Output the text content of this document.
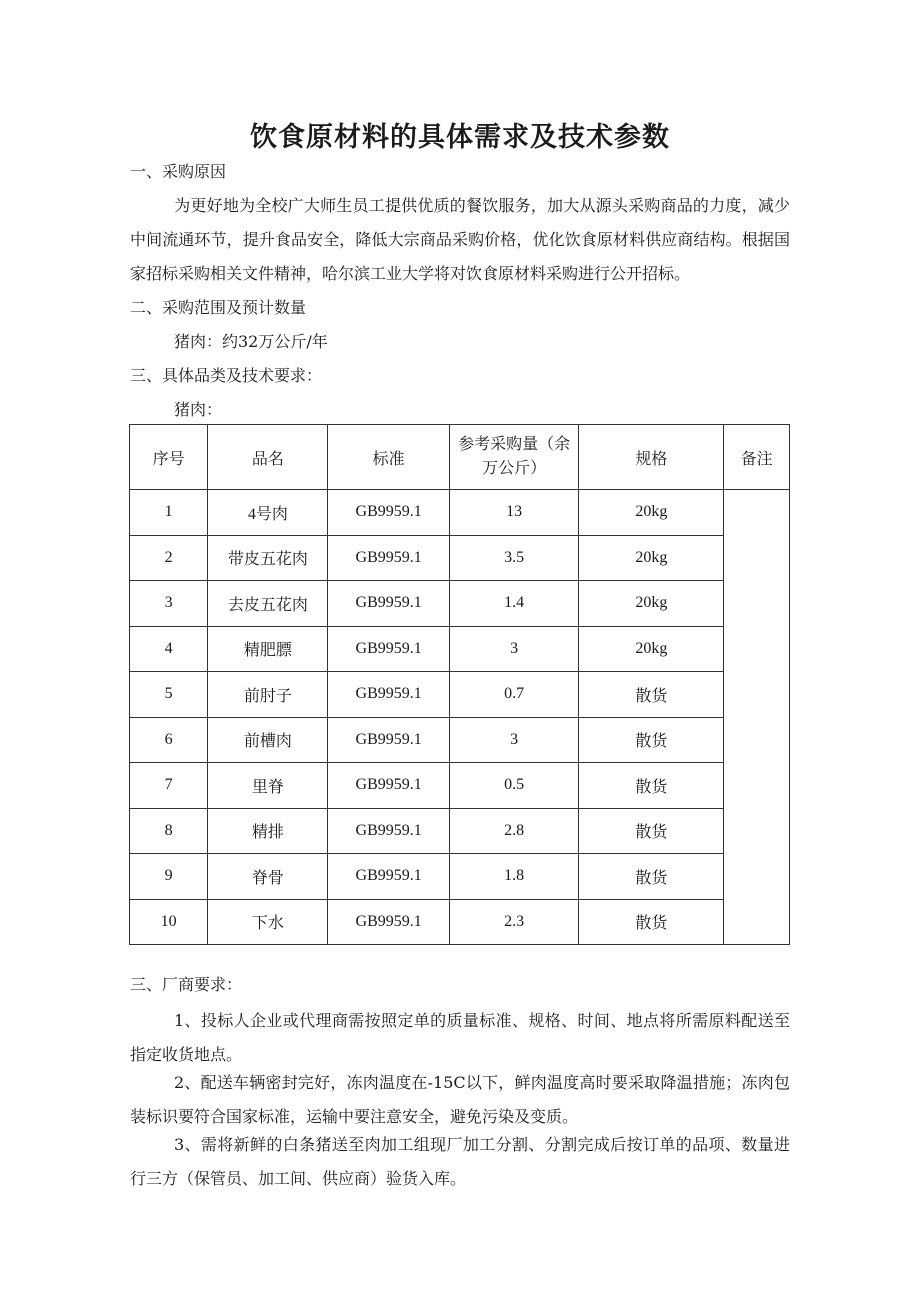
饮食原材料的具体需求及技术参数
一、采购原因
为更好地为全校广大师生员工提供优质的餐饮服务，加大从源头采购商品的力度，减少中间流通环节，提升食品安全，降低大宗商品采购价格，优化饮食原材料供应商结构。根据国家招标采购相关文件精神，哈尔滨工业大学将对饮食原材料采购进行公开招标。
二、采购范围及预计数量
猪肉：约32万公斤/年
三、具体品类及技术要求：
猪肉：
序号	品名	标准	参考采购量（余万公斤）	规格	备注
1	4号肉	GB9959.1	13	20kg	
2	带皮五花肉	GB9959.1	3.5	20kg	
3	去皮五花肉	GB9959.1	1.4	20kg	
4	精肥膘	GB9959.1	3	20kg	
5	前肘子	GB9959.1	0.7	散货	
6	前槽肉	GB9959.1	3	散货	
7	里脊	GB9959.1	0.5	散货	
8	精排	GB9959.1	2.8	散货	
9	脊骨	GB9959.1	1.8	散货	
10	下水	GB9959.1	2.3	散货	
三、厂商要求：
1、投标人企业或代理商需按照定单的质量标准、规格、时间、地点将所需原料配送至指定收货地点。
2、配送车辆密封完好，冻肉温度在-15C以下，鲜肉温度高时要采取降温措施；冻肉包装标识要符合国家标准，运输中要注意安全，避免污染及变质。
3、需将新鲜的白条猪送至肉加工组现厂加工分割、分割完成后按订单的品项、数量进行三方（保管员、加工间、供应商）验货入库。
